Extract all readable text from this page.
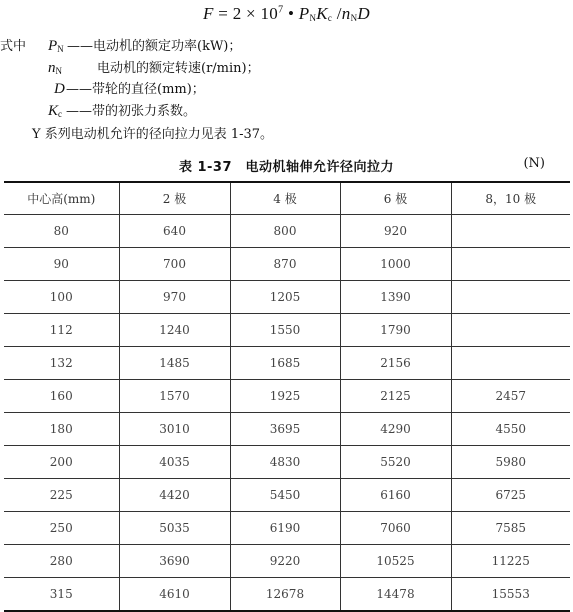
$F = 2 \times 10^7$ • $P_NK_c$ $/n_ND$
式中 $P_N$ ——电动机的额定功率(kW)；
$n_N$	电动机的额定转速(r/min)；
D ——带轮的直径(mm)；
$K_c$ ——带的初张力系数。
Y 系列电动机允许的径向拉力见表 1-37。
表 1-37　电动机轴伸允许径向拉力	(N)
中心高(mm)	2 极	4 极	6 极	8，10 极
80	640	800	920	
90	700	870	1000	
100	970	1205	1390	
112	1240	1550	1790	
132	1485	1685	2156	
160	1570	1925	2125	2457
180	3010	3695	4290	4550
200	4035	4830	5520	5980
225	4420	5450	6160	6725
250	5035	6190	7060	7585
280	3690	9220	10525	11225
315	4610	12678	14478	15553
